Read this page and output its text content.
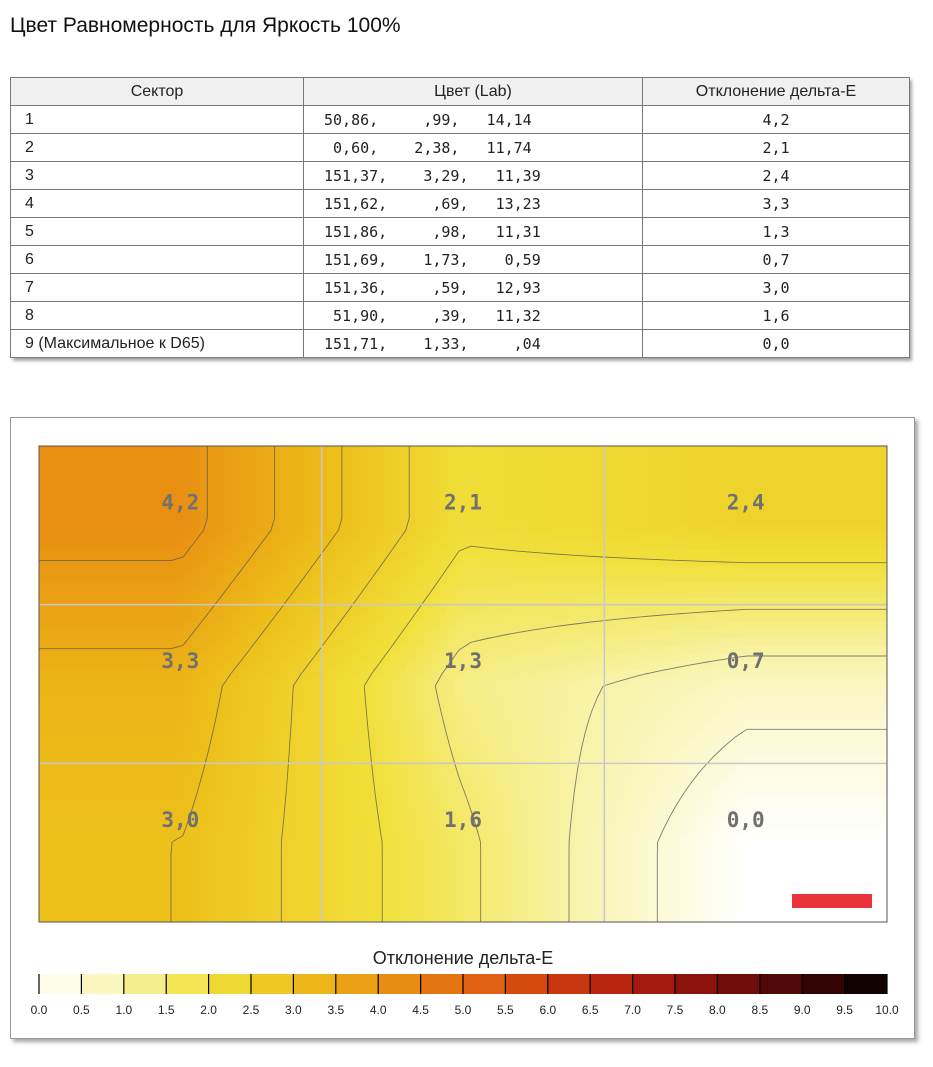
Цвет Равномерность для Яркость 100%
Сектор	Цвет (Lab)	Отклонение дельта-E
1	50,86,     ,99,   14,14	4,2
2	0,60,    2,38,   11,74	2,1
3	151,37,    3,29,   11,39	2,4
4	151,62,     ,69,   13,23	3,3
5	151,86,     ,98,   11,31	1,3
6	151,69,    1,73,    0,59	0,7
7	151,36,     ,59,   12,93	3,0
8	51,90,     ,39,   11,32	1,6
9 (Максимальное к D65)	151,71,    1,33,     ,04	0,0
4,2	2,1	2,4
3,3	1,3	0,7
3,0	1,6	0,0
Отклонение дельта-E
0.0 0.5 1.0 1.5 2.0 2.5 3.0 3.5 4.0 4.5 5.0 5.5 6.0 6.5 7.0 7.5 8.0 8.5 9.0 9.5 10.0
